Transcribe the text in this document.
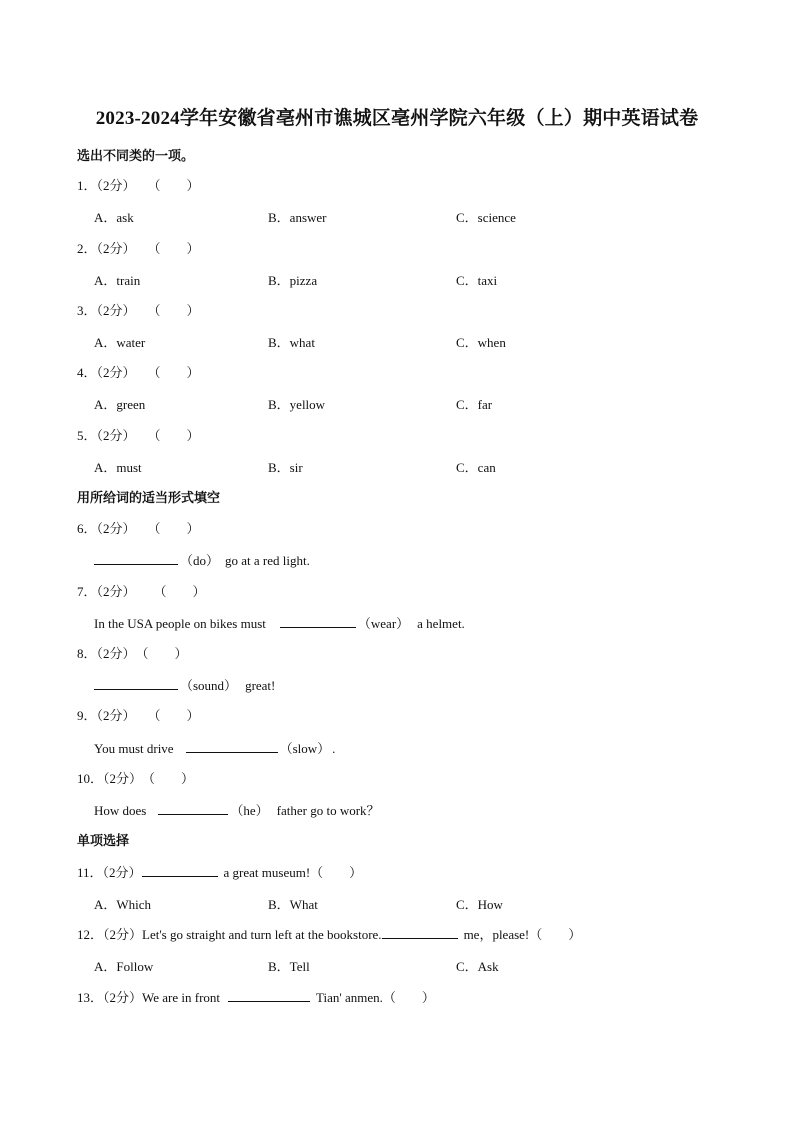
2023-2024学年安徽省亳州市谯城区亳州学院六年级（上）期中英语试卷
选出不同类的一项。
1．（2分） （　　）
A．ask	B．answer	C．science
2．（2分） （　　）
A．train	B．pizza	C．taxi
3．（2分） （　　）
A．water	B．what	C．when
4．（2分） （　　）
A．green	B．yellow	C．far
5．（2分） （　　）
A．must	B．sir	C．can
用所给词的适当形式填空
6．（2分） （　　）
（do） go at a red light.
7．（2分） （　　）
In the USA people on bikes must	（wear） a helmet.
8．（2分）（　　）
（sound） great!
9．（2分） （　　）
You must drive	（slow） .
10．（2分）（　　）
How does	（he） father go to work？
单项选择
11．（2分）	a great museum!（　　）
A．Which	B．What	C．How
12．（2分）Let's go straight and turn left at the bookstore.	me，please!（　　）
A．Follow	B．Tell	C．Ask
13．（2分）We are in front	Tian' anmen.（　　）
